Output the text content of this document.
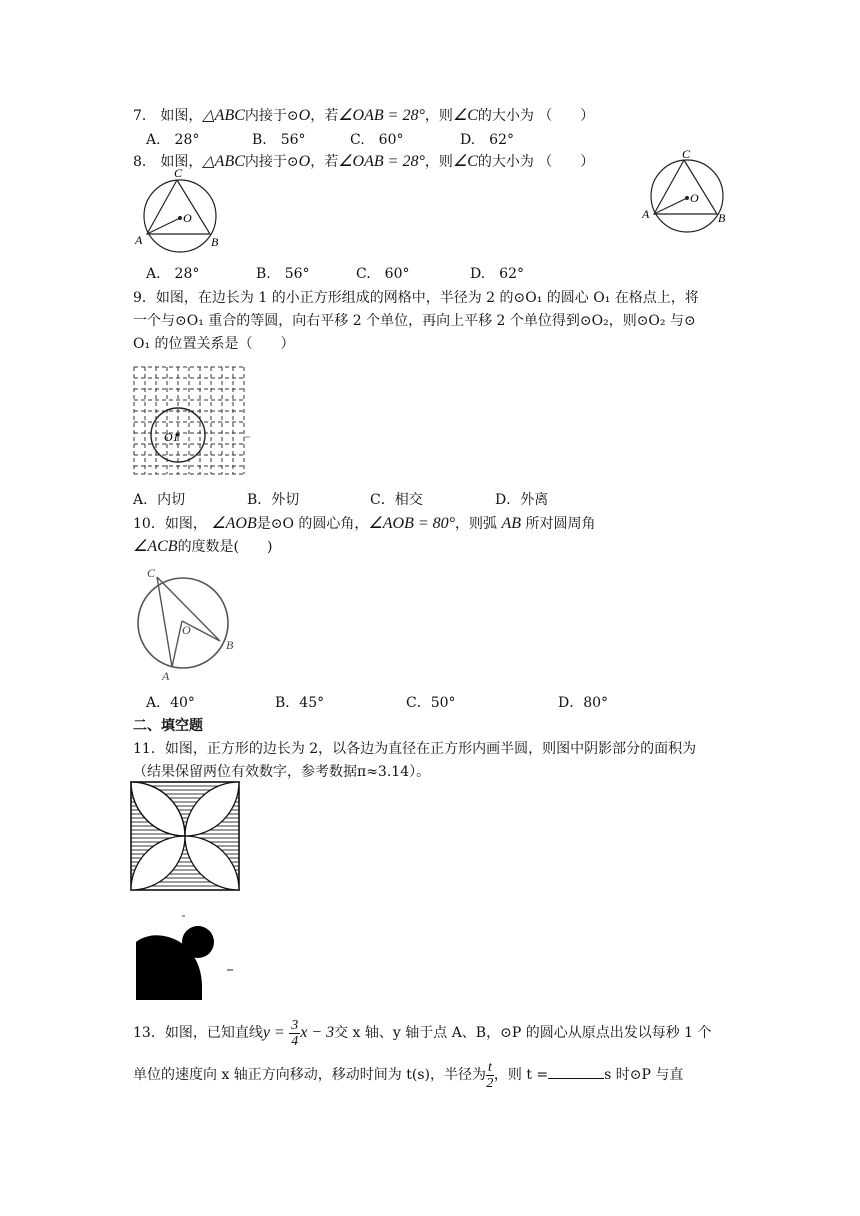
7． 如图，△ABC内接于⊙O，若∠OAB = 28°，则∠C的大小为 （　　）
A.　28°	B.　56°	C.　60°	D.　62°
8． 如图，△ABC内接于⊙O，若∠OAB = 28°，则∠C的大小为 （　　）
C
O
A	B
C
O
A	B
A.　28°	B.　56°	C.　60°	D.　62°
9．如图，在边长为 1 的小正方形组成的网格中，半径为 2 的⊙O₁ 的圆心 O₁ 在格点上，将
一个与⊙O₁ 重合的等圆，向右平移 2 个单位，再向上平移 2 个单位得到⊙O₂，则⊙O₂ 与⊙
O₁ 的位置关系是（　　）
O1
A．内切	B．外切	C．相交	D．外离
10．如图， ∠AOB是⊙O 的圆心角，∠AOB = 80°，则弧 AB 所对圆周角
∠ACB的度数是(　　)
C
O
A
B
A．40°	B．45°	C．50°	D．80°
二、填空题
11．如图，正方形的边长为 2，以各边为直径在正方形内画半圆，则图中阴影部分的面积为
（结果保留两位有效数字，参考数据π≈3.14）。
13．如图，已知直线$y = \frac{3}{4}$ x − 3交 x 轴、y 轴于点 A、B，⊙P 的圆心从原点出发以每秒 1 个
单位的速度向 x 轴正方向移动，移动时间为 t(s)，半径为 $\frac{t}{2}$ ，则 t =	s 时⊙P 与直
